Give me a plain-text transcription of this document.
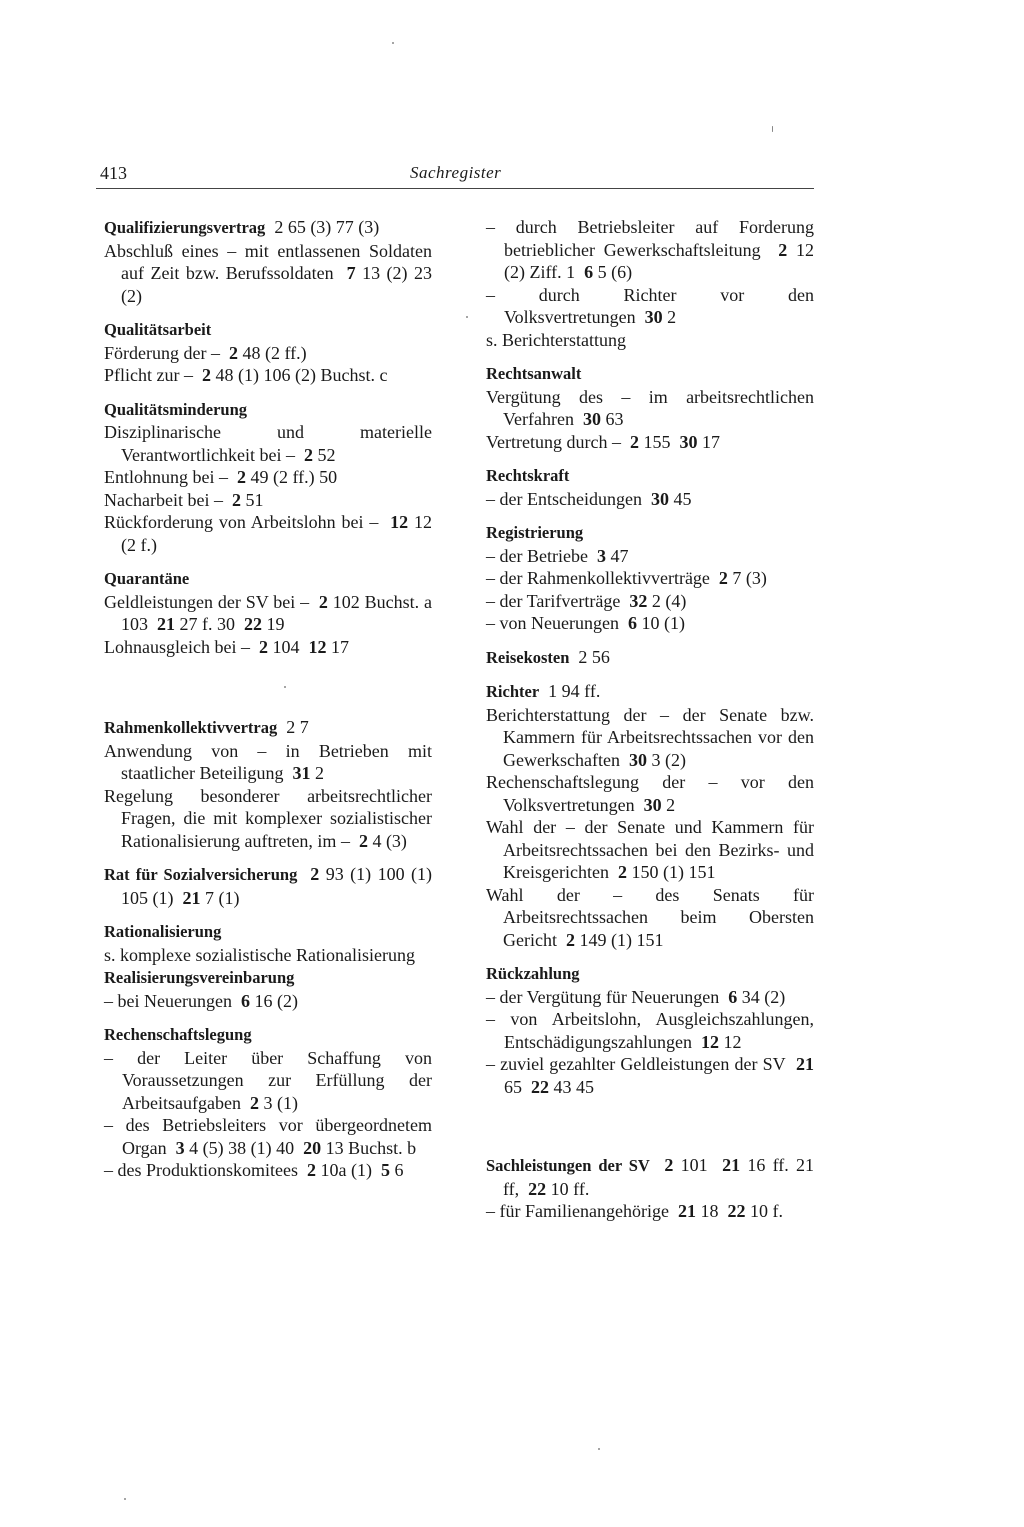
413	Sachregister
Qualifizierungsvertrag 2 65 (3) 77 (3)
Abschluß eines – mit entlassenen Soldaten auf Zeit bzw. Berufssoldaten 7 13 (2) 23 (2)
Qualitätsarbeit
Förderung der – 2 48 (2 ff.)
Pflicht zur – 2 48 (1) 106 (2) Buchst. c
Qualitätsminderung
Disziplinarische und materielle Verantwortlichkeit bei – 2 52
Entlohnung bei – 2 49 (2 ff.) 50
Nacharbeit bei – 2 51
Rückforderung von Arbeitslohn bei – 12 12 (2 f.)
Quarantäne
Geldleistungen der SV bei – 2 102 Buchst. a 103 21 27 f. 30 22 19
Lohnausgleich bei – 2 104 12 17
Rahmenkollektivvertrag 2 7
Anwendung von – in Betrieben mit staatlicher Beteiligung 31 2
Regelung besonderer arbeitsrechtlicher Fragen, die mit komplexer sozialistischer Rationalisierung auftreten, im – 2 4 (3)
Rat für Sozialversicherung 2 93 (1) 100 (1) 105 (1) 21 7 (1)
Rationalisierung
s. komplexe sozialistische Rationalisierung
Realisierungsvereinbarung
– bei Neuerungen 6 16 (2)
Rechenschaftslegung
– der Leiter über Schaffung von Voraussetzungen zur Erfüllung der Arbeitsaufgaben 2 3 (1)
– des Betriebsleiters vor übergeordnetem Organ 3 4 (5) 38 (1) 40 20 13 Buchst. b
– des Produktionskomitees 2 10a (1) 5 6
– durch Betriebsleiter auf Forderung betrieblicher Gewerkschaftsleitung 2 12 (2) Ziff. 1 6 5 (6)
– durch Richter vor den Volksvertretungen 30 2
s. Berichterstattung
Rechtsanwalt
Vergütung des – im arbeitsrechtlichen Verfahren 30 63
Vertretung durch – 2 155 30 17
Rechtskraft
– der Entscheidungen 30 45
Registrierung
– der Betriebe 3 47
– der Rahmenkollektivverträge 2 7 (3)
– der Tarifverträge 32 2 (4)
– von Neuerungen 6 10 (1)
Reisekosten 2 56
Richter 1 94 ff.
Berichterstattung der – der Senate bzw. Kammern für Arbeitsrechtssachen vor den Gewerkschaften 30 3 (2)
Rechenschaftslegung der – vor den Volksvertretungen 30 2
Wahl der – der Senate und Kammern für Arbeitsrechtssachen bei den Bezirks- und Kreisgerichten 2 150 (1) 151
Wahl der – des Senats für Arbeitsrechtssachen beim Obersten Gericht 2 149 (1) 151
Rückzahlung
– der Vergütung für Neuerungen 6 34 (2)
– von Arbeitslohn, Ausgleichszahlungen, Entschädigungszahlungen 12 12
– zuviel gezahlter Geldleistungen der SV 21 65 22 43 45
Sachleistungen der SV 2 101 21 16 ff. 21 ff, 22 10 ff.
– für Familienangehörige 21 18 22 10 f.
